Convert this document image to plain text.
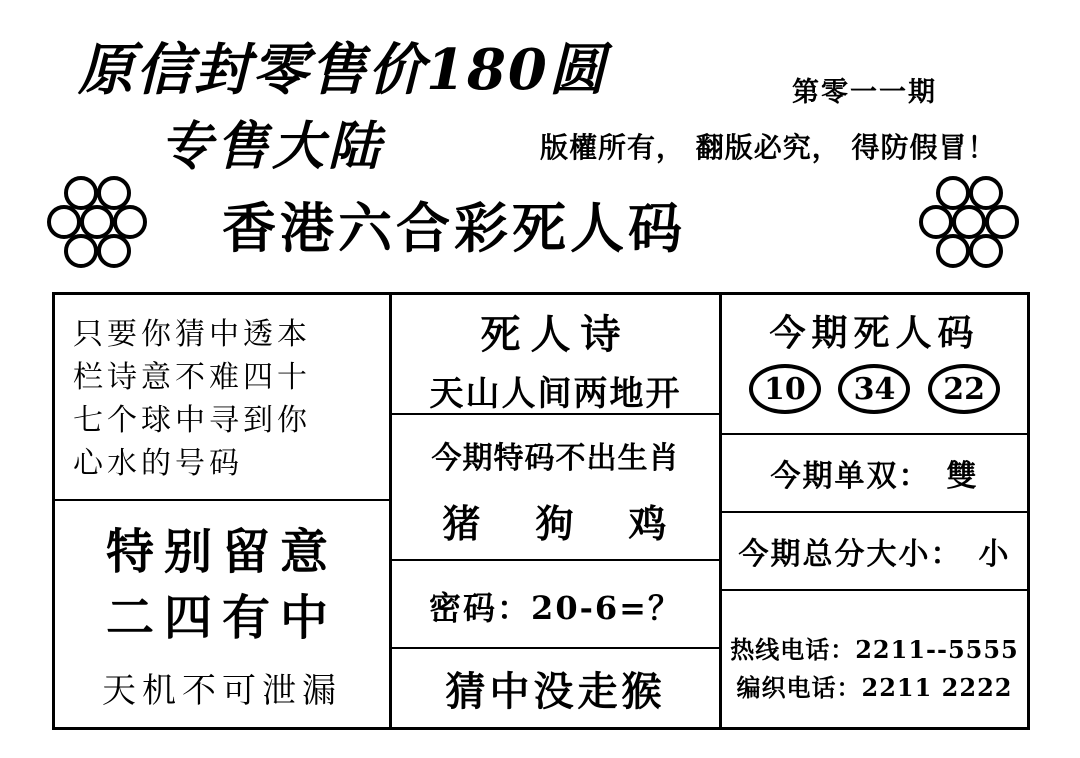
原信封零售价180圆	第零一一期
专售大陆	版權所有， 翻版必究， 得防假冒！
香港六合彩死人码
只要你猜中透本
栏诗意不难四十
七个球中寻到你
心水的号码
特别留意
二四有中
天机不可泄漏
死人诗
天山人间两地开
今期特码不出生肖
猪 狗 鸡
密码：20-6=？
猜中没走猴
今期死人码
10	34	22
今期单双： 雙
今期总分大小： 小
热线电话：2211--5555
编织电话：2211 2222
